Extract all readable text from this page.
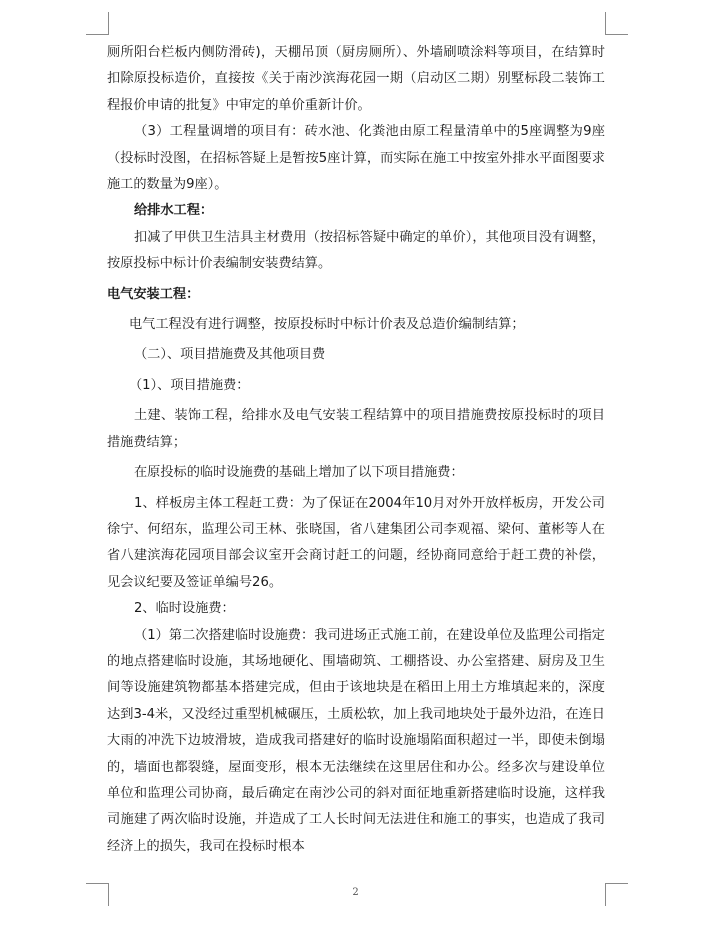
厕所阳台栏板内侧防滑砖)，天棚吊顶（厨房厕所）、外墙刷喷涂料等项目，在结算时扣除原投标造价，直接按《关于南沙滨海花园一期（启动区二期）别墅标段二装饰工程报价申请的批复》中审定的单价重新计价。

（3）工程量调增的项目有：砖水池、化粪池由原工程量清单中的5座调整为9座（投标时没图，在招标答疑上是暂按5座计算，而实际在施工中按室外排水平面图要求施工的数量为9座）。

给排水工程：

扣减了甲供卫生洁具主材费用（按招标答疑中确定的单价），其他项目没有调整，按原投标中标计价表编制安装费结算。

电气安装工程：

电气工程没有进行调整，按原投标时中标计价表及总造价编制结算；

（二）、项目措施费及其他项目费

（1）、项目措施费：

土建、装饰工程，给排水及电气安装工程结算中的项目措施费按原投标时的项目措施费结算；

在原投标的临时设施费的基础上增加了以下项目措施费：

1、样板房主体工程赶工费：为了保证在2004年10月对外开放样板房，开发公司徐宁、何绍东，监理公司王林、张晓国，省八建集团公司李观福、梁何、董彬等人在省八建滨海花园项目部会议室开会商讨赶工的问题，经协商同意给于赶工费的补偿，见会议纪要及签证单编号26。

2、临时设施费：

（1）第二次搭建临时设施费：我司进场正式施工前，在建设单位及监理公司指定的地点搭建临时设施，其场地硬化、围墙砌筑、工棚搭设、办公室搭建、厨房及卫生间等设施建筑物都基本搭建完成，但由于该地块是在稻田上用土方堆填起来的，深度达到3-4米，又没经过重型机械碾压，土质松软，加上我司地块处于最外边沿，在连日大雨的冲洗下边坡滑坡，造成我司搭建好的临时设施塌陷面积超过一半，即使未倒塌的，墙面也都裂缝，屋面变形，根本无法继续在这里居住和办公。经多次与建设单位单位和监理公司协商，最后确定在南沙公司的斜对面征地重新搭建临时设施，这样我司施建了两次临时设施，并造成了工人长时间无法进住和施工的事实，也造成了我司经济上的损失，我司在投标时根本

2
